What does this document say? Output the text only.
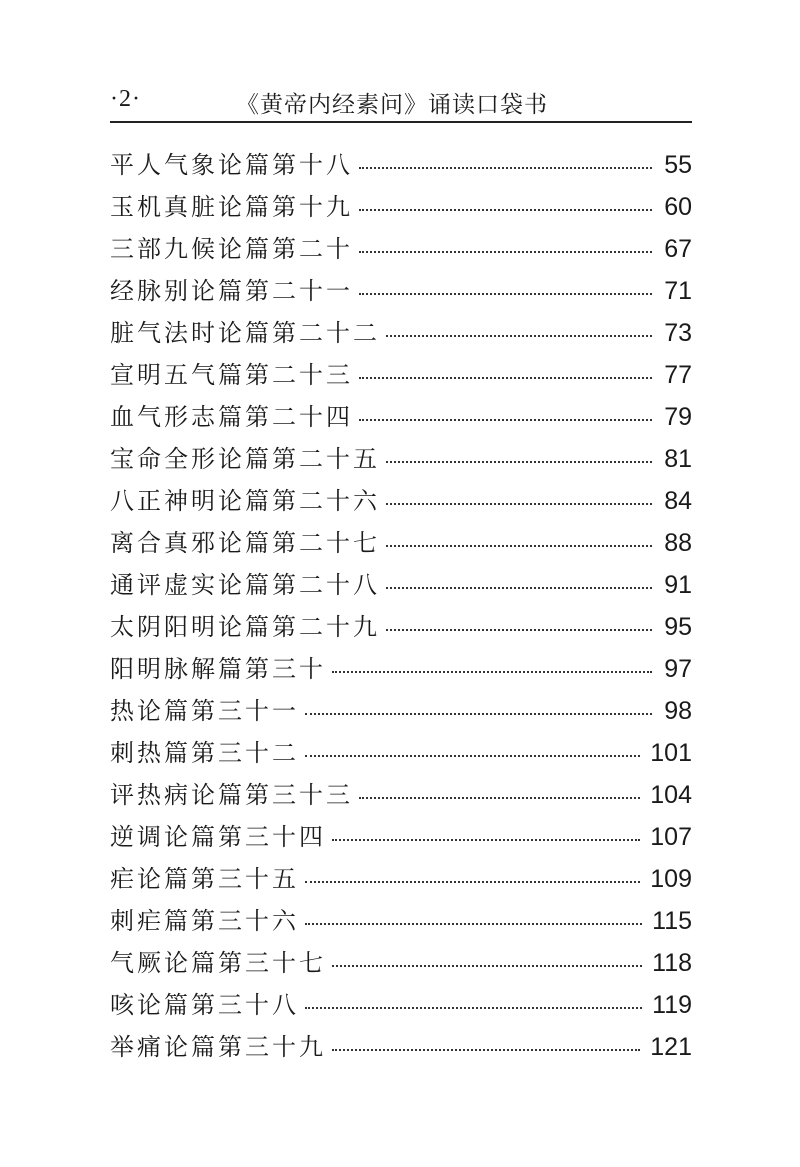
·2·	《黄帝内经素问》诵读口袋书
平人气象论篇第十八	55
玉机真脏论篇第十九	60
三部九候论篇第二十	67
经脉别论篇第二十一	71
脏气法时论篇第二十二	73
宣明五气篇第二十三	77
血气形志篇第二十四	79
宝命全形论篇第二十五	81
八正神明论篇第二十六	84
离合真邪论篇第二十七	88
通评虚实论篇第二十八	91
太阴阳明论篇第二十九	95
阳明脉解篇第三十	97
热论篇第三十一	98
刺热篇第三十二	101
评热病论篇第三十三	104
逆调论篇第三十四	107
疟论篇第三十五	109
刺疟篇第三十六	115
气厥论篇第三十七	118
咳论篇第三十八	119
举痛论篇第三十九	121
